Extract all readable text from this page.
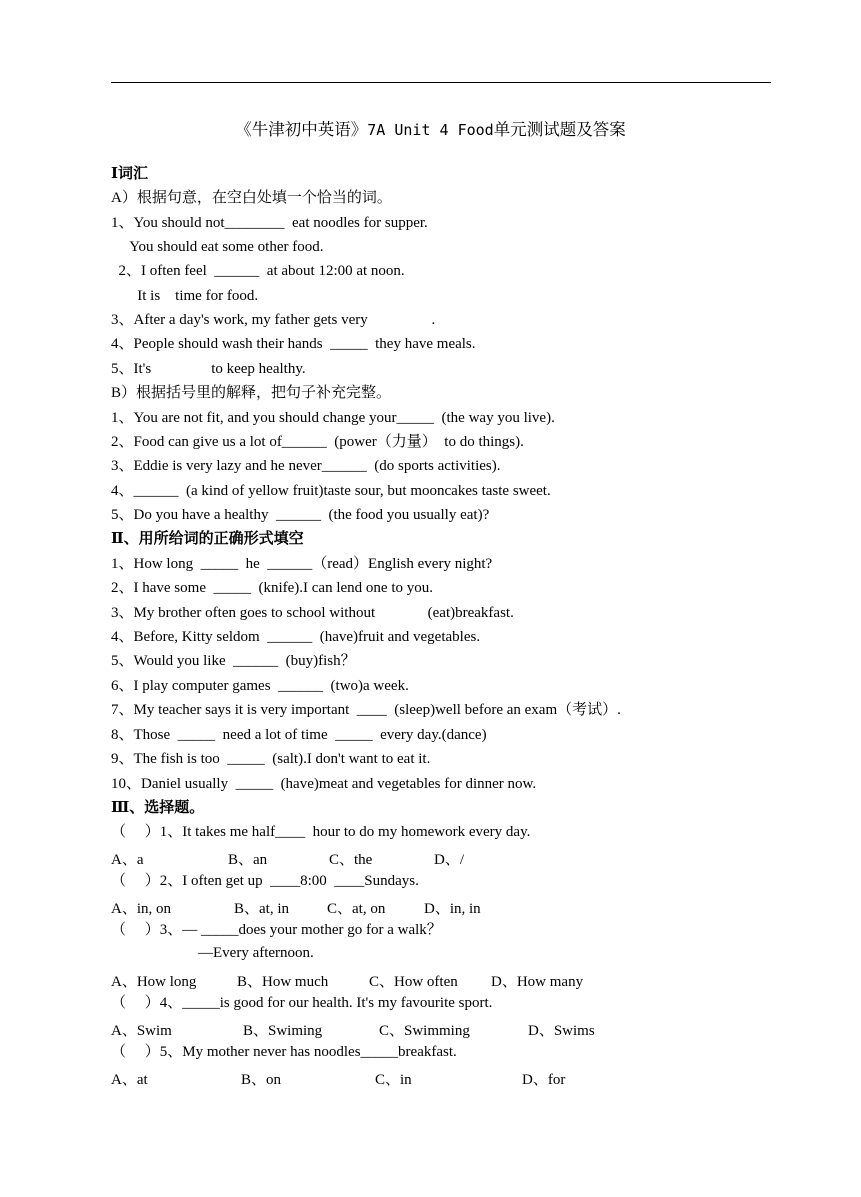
《牛津初中英语》7A Unit 4 Food单元测试题及答案
Ⅰ词汇
A）根据句意，在空白处填一个恰当的词。
1、You should not________  eat noodles for supper.
You should eat some other food.
2、I often feel  ______  at about 12:00 at noon.
It is    time for food.
3、After a day's work, my father gets very                 .
4、People should wash their hands  _____  they have meals.
5、It's                to keep healthy.
B）根据括号里的解释，把句子补充完整。
1、You are not fit, and you should change your_____  (the way you live).
2、Food can give us a lot of______  (power（力量）  to do things).
3、Eddie is very lazy and he never______  (do sports activities).
4、______  (a kind of yellow fruit)taste sour, but mooncakes taste sweet.
5、Do you have a healthy  ______  (the food you usually eat)?
Ⅱ、用所给词的正确形式填空
1、How long  _____  he  ______（read）English every night?
2、I have some  _____  (knife).I can lend one to you.
3、My brother often goes to school without              (eat)breakfast.
4、Before, Kitty seldom  ______  (have)fruit and vegetables.
5、Would you like  ______  (buy)fish？
6、I play computer games  ______  (two)a week.
7、My teacher says it is very important  ____  (sleep)well before an exam（考试）.
8、Those  _____  need a lot of time  _____  every day.(dance)
9、The fish is too  _____  (salt).I don't want to eat it.
10、Daniel usually  _____  (have)meat and vegetables for dinner now.
Ⅲ、选择题。
（     ）1、It takes me half____  hour to do my homework every day.
A、a	B、an	C、the	D、/
（     ）2、I often get up  ____8:00  ____Sundays.
A、in, on	B、at, in	C、at, on	D、in, in
（     ）3、— _____does your mother go for a walk？
—Every afternoon.
A、How long	B、How much	C、How often D、How many
（     ）4、_____is good for our health. It's my favourite sport.
A、Swim	B、Swiming	C、Swimming	D、Swims
（     ）5、My mother never has noodles_____breakfast.
A、at	B、on	C、in	D、for
